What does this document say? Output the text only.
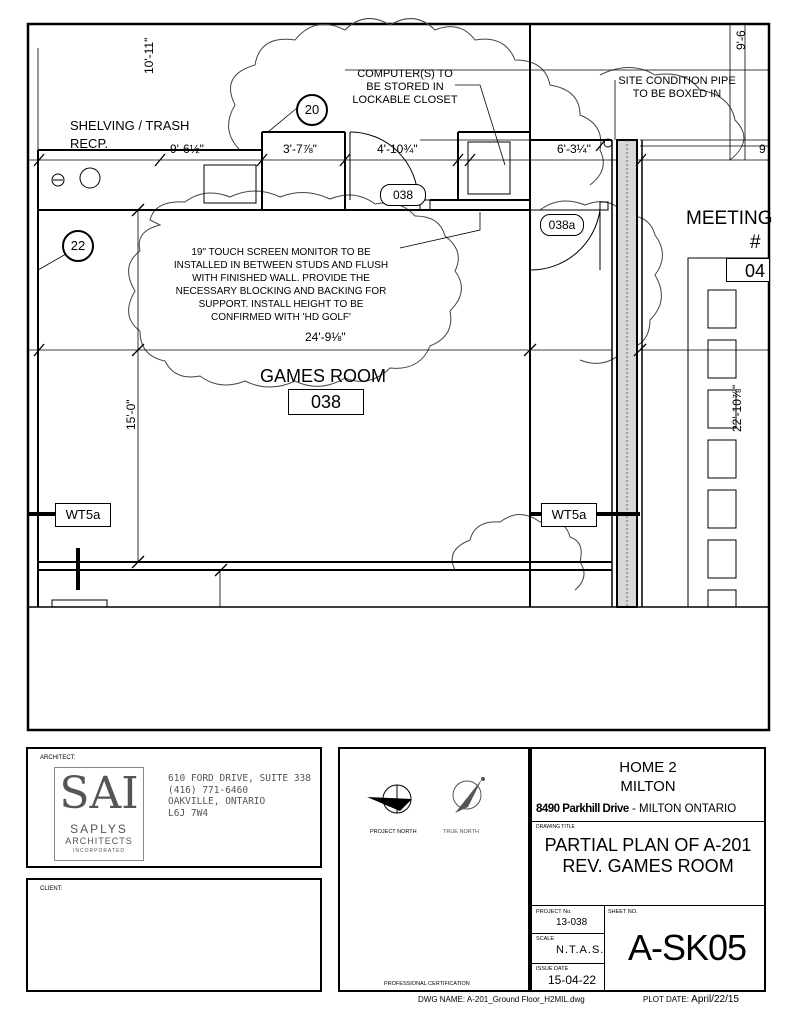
10'-11"
SHELVING / TRASH
RECP.	9'-6½"	3'-7⅞"	4'-10¾"	6'-3¼"	9
9'-6
COMPUTER(S) TO
BE STORED IN
LOCKABLE CLOSET
SITE CONDITION PIPE
TO BE BOXED IN
19" TOUCH SCREEN MONITOR TO BE
INSTALLED IN BETWEEN STUDS AND FLUSH
WITH FINISHED WALL. PROVIDE THE
NECESSARY BLOCKING AND BACKING FOR
SUPPORT. INSTALL HEIGHT TO BE
CONFIRMED WITH 'HD GOLF'
24'-9⅛"
15'-0"	22'-10⅞"
20
22
038
038a
GAMES ROOM
038
MEETING
#
04
WT5a	WT5a
ARCHITECT:
SAI
SAPLYS
ARCHITECTS
INCORPORATED
610 FORD DRIVE, SUITE 338
(416) 771-6460
OAKVILLE, ONTARIO
L6J 7W4
CLIENT:
PROJECT NORTH	TRUE NORTH
PROFESSIONAL CERTIFICATION
HOME 2
MILTON
8490 Parkhill Drive - MILTON ONTARIO
DRAWING TITLE
PARTIAL PLAN OF A-201
REV. GAMES ROOM
PROJECT No.
13-038
SCALE
N.T.A.S.
ISSUE DATE
15-04-22
SHEET NO.
A-SK05
DWG NAME: A-201_Ground Floor_H2MIL.dwg	PLOT DATE: April/22/15
